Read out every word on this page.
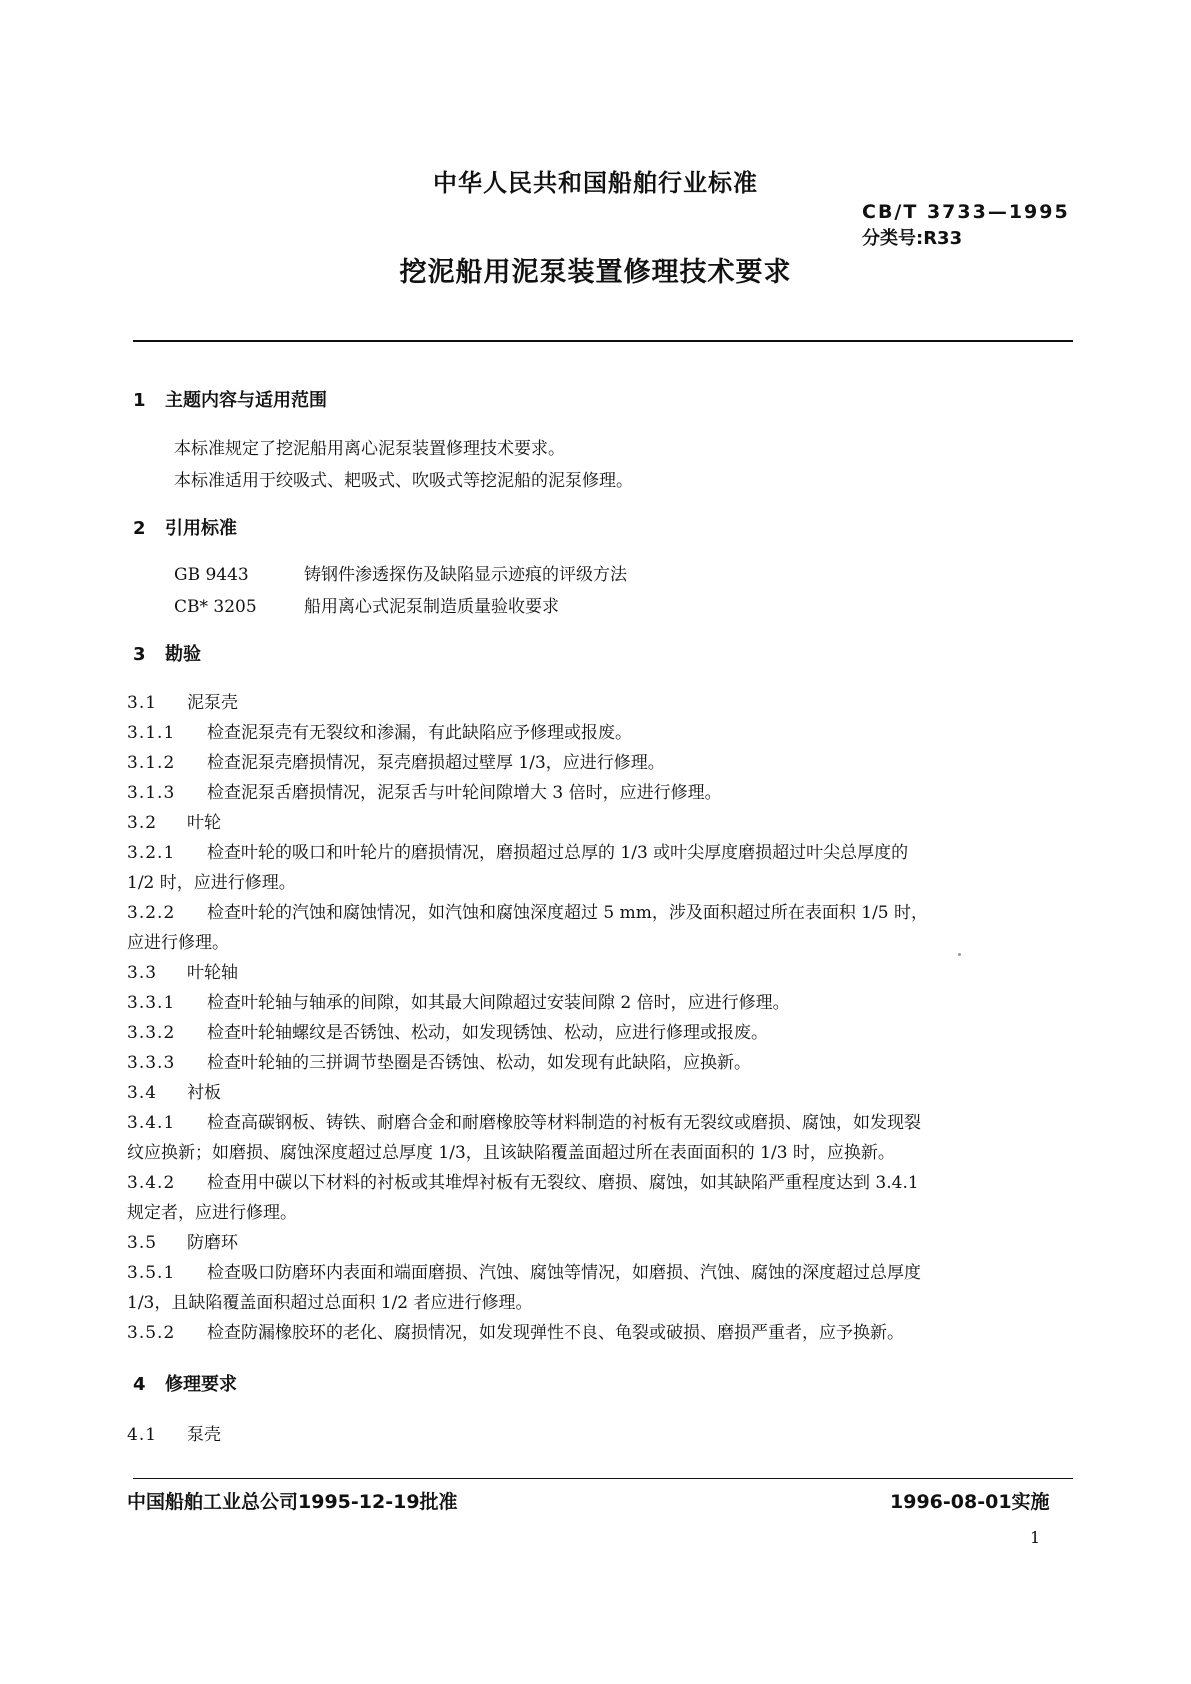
中华人民共和国船舶行业标准
CB/T 3733—1995
分类号:R33
挖泥船用泥泵装置修理技术要求
1 主题内容与适用范围
本标准规定了挖泥船用离心泥泵装置修理技术要求。
本标准适用于绞吸式、耙吸式、吹吸式等挖泥船的泥泵修理。
2 引用标准
GB 9443	铸钢件渗透探伤及缺陷显示迹痕的评级方法
CB* 3205	船用离心式泥泵制造质量验收要求
3 勘验
3.1 泥泵壳
3.1.1 检查泥泵壳有无裂纹和渗漏，有此缺陷应予修理或报废。
3.1.2 检查泥泵壳磨损情况，泵壳磨损超过壁厚 1/3，应进行修理。
3.1.3 检查泥泵舌磨损情况，泥泵舌与叶轮间隙增大 3 倍时，应进行修理。
3.2 叶轮
3.2.1 检查叶轮的吸口和叶轮片的磨损情况，磨损超过总厚的 1/3 或叶尖厚度磨损超过叶尖总厚度的
1/2 时，应进行修理。
3.2.2 检查叶轮的汽蚀和腐蚀情况，如汽蚀和腐蚀深度超过 5 mm，涉及面积超过所在表面积 1/5 时，
应进行修理。
3.3 叶轮轴
3.3.1 检查叶轮轴与轴承的间隙，如其最大间隙超过安装间隙 2 倍时，应进行修理。
3.3.2 检查叶轮轴螺纹是否锈蚀、松动，如发现锈蚀、松动，应进行修理或报废。
3.3.3 检查叶轮轴的三拼调节垫圈是否锈蚀、松动，如发现有此缺陷，应换新。
3.4 衬板
3.4.1 检查高碳钢板、铸铁、耐磨合金和耐磨橡胶等材料制造的衬板有无裂纹或磨损、腐蚀，如发现裂
纹应换新；如磨损、腐蚀深度超过总厚度 1/3，且该缺陷覆盖面超过所在表面面积的 1/3 时，应换新。
3.4.2 检查用中碳以下材料的衬板或其堆焊衬板有无裂纹、磨损、腐蚀，如其缺陷严重程度达到 3.4.1
规定者，应进行修理。
3.5 防磨环
3.5.1 检查吸口防磨环内表面和端面磨损、汽蚀、腐蚀等情况，如磨损、汽蚀、腐蚀的深度超过总厚度
1/3，且缺陷覆盖面积超过总面积 1/2 者应进行修理。
3.5.2 检查防漏橡胶环的老化、腐损情况，如发现弹性不良、龟裂或破损、磨损严重者，应予换新。
4 修理要求
4.1 泵壳
中国船舶工业总公司1995-12-19批准	1996-08-01实施
1
